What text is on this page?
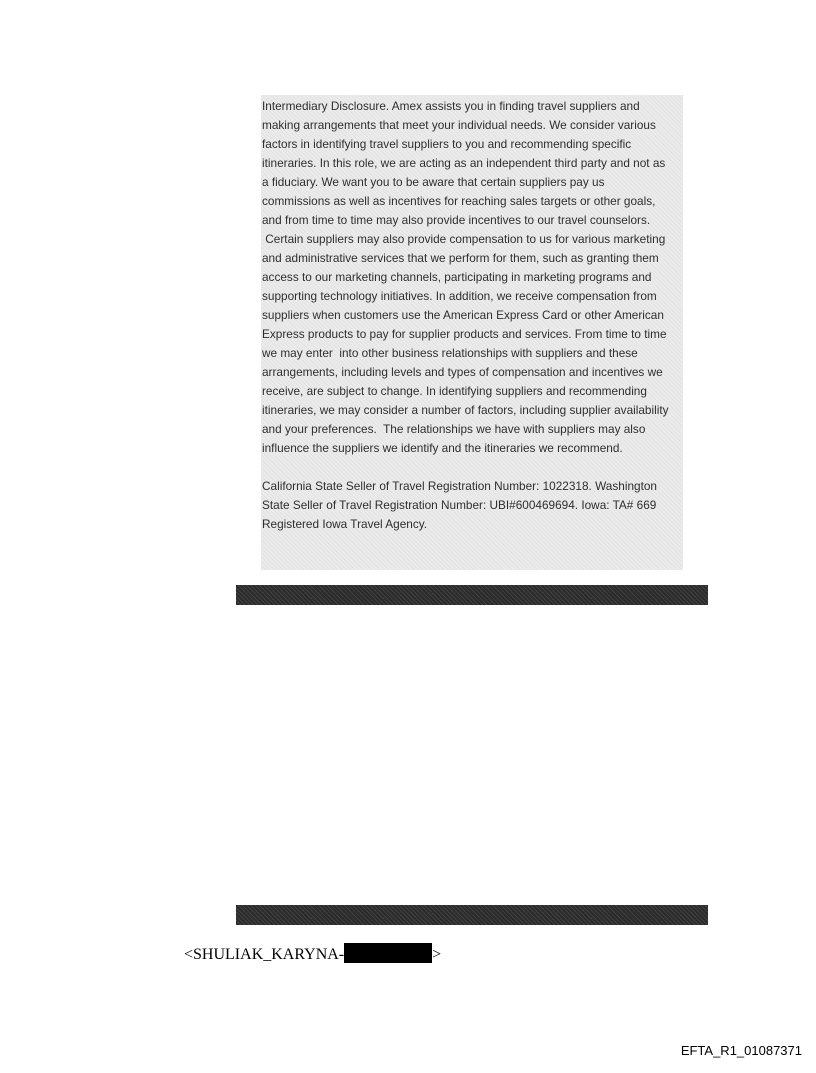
Intermediary Disclosure. Amex assists you in finding travel suppliers and
making arrangements that meet your individual needs. We consider various
factors in identifying travel suppliers to you and recommending specific
itineraries. In this role, we are acting as an independent third party and not as
a fiduciary. We want you to be aware that certain suppliers pay us
commissions as well as incentives for reaching sales targets or other goals,
and from time to time may also provide incentives to our travel counselors.
Certain suppliers may also provide compensation to us for various marketing
and administrative services that we perform for them, such as granting them
access to our marketing channels, participating in marketing programs and
supporting technology initiatives. In addition, we receive compensation from
suppliers when customers use the American Express Card or other American
Express products to pay for supplier products and services. From time to time
we may enter  into other business relationships with suppliers and these
arrangements, including levels and types of compensation and incentives we
receive, are subject to change. In identifying suppliers and recommending
itineraries, we may consider a number of factors, including supplier availability
and your preferences.  The relationships we have with suppliers may also
influence the suppliers we identify and the itineraries we recommend.
California State Seller of Travel Registration Number: 1022318. Washington
State Seller of Travel Registration Number: UBI#600469694. Iowa: TA# 669
Registered Iowa Travel Agency.
<SHULIAK_KARYNA-	>
EFTA_R1_01087371
